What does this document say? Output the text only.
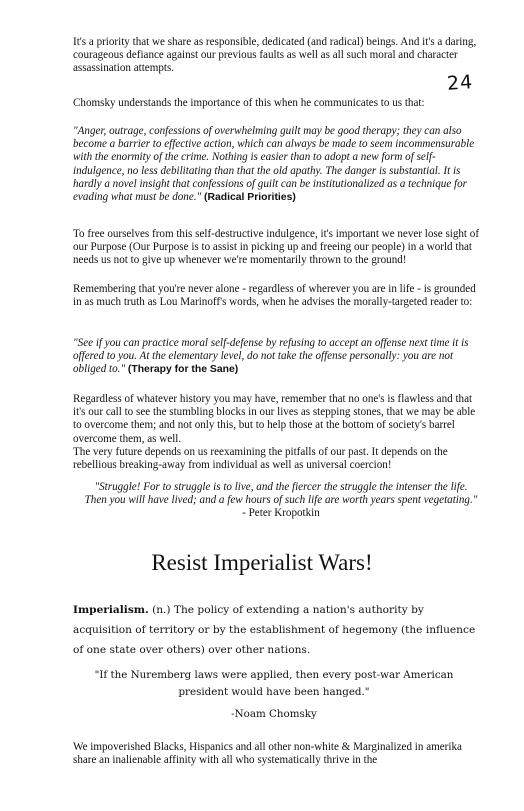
24

It's a priority that we share as responsible, dedicated (and radical) beings. And it's a daring, courageous defiance against our previous faults as well as all such moral and character assassination attempts.

Chomsky understands the importance of this when he communicates to us that:

"Anger, outrage, confessions of overwhelming guilt may be good therapy; they can also become a barrier to effective action, which can always be made to seem incommensurable with the enormity of the crime. Nothing is easier than to adopt a new form of self-indulgence, no less debilitating than that the old apathy. The danger is substantial. It is hardly a novel insight that confessions of guilt can be institutionalized as a technique for evading what must be done." (Radical Priorities)

To free ourselves from this self-destructive indulgence, it's important we never lose sight of our Purpose (Our Purpose is to assist in picking up and freeing our people) in a world that needs us not to give up whenever we're momentarily thrown to the ground!

Remembering that you're never alone - regardless of wherever you are in life - is grounded in as much truth as Lou Marinoff's words, when he advises the morally-targeted reader to:

"See if you can practice moral self-defense by refusing to accept an offense next time it is offered to you. At the elementary level, do not take the offense personally: you are not obliged to." (Therapy for the Sane)

Regardless of whatever history you may have, remember that no one's is flawless and that it's our call to see the stumbling blocks in our lives as stepping stones, that we may be able to overcome them; and not only this, but to help those at the bottom of society's barrel overcome them, as well.

The very future depends on us reexamining the pitfalls of our past. It depends on the rebellious breaking-away from individual as well as universal coercion!

"Struggle! For to struggle is to live, and the fiercer the struggle the intenser the life. Then you will have lived; and a few hours of such life are worth years spent vegetating." - Peter Kropotkin

Resist Imperialist Wars!

Imperialism. (n.) The policy of extending a nation's authority by acquisition of territory or by the establishment of hegemony (the influence of one state over others) over other nations.

"If the Nuremberg laws were applied, then every post-war American president would have been hanged."

-Noam Chomsky

We impoverished Blacks, Hispanics and all other non-white & Marginalized in amerika share an inalienable affinity with all who systematically thrive in the
